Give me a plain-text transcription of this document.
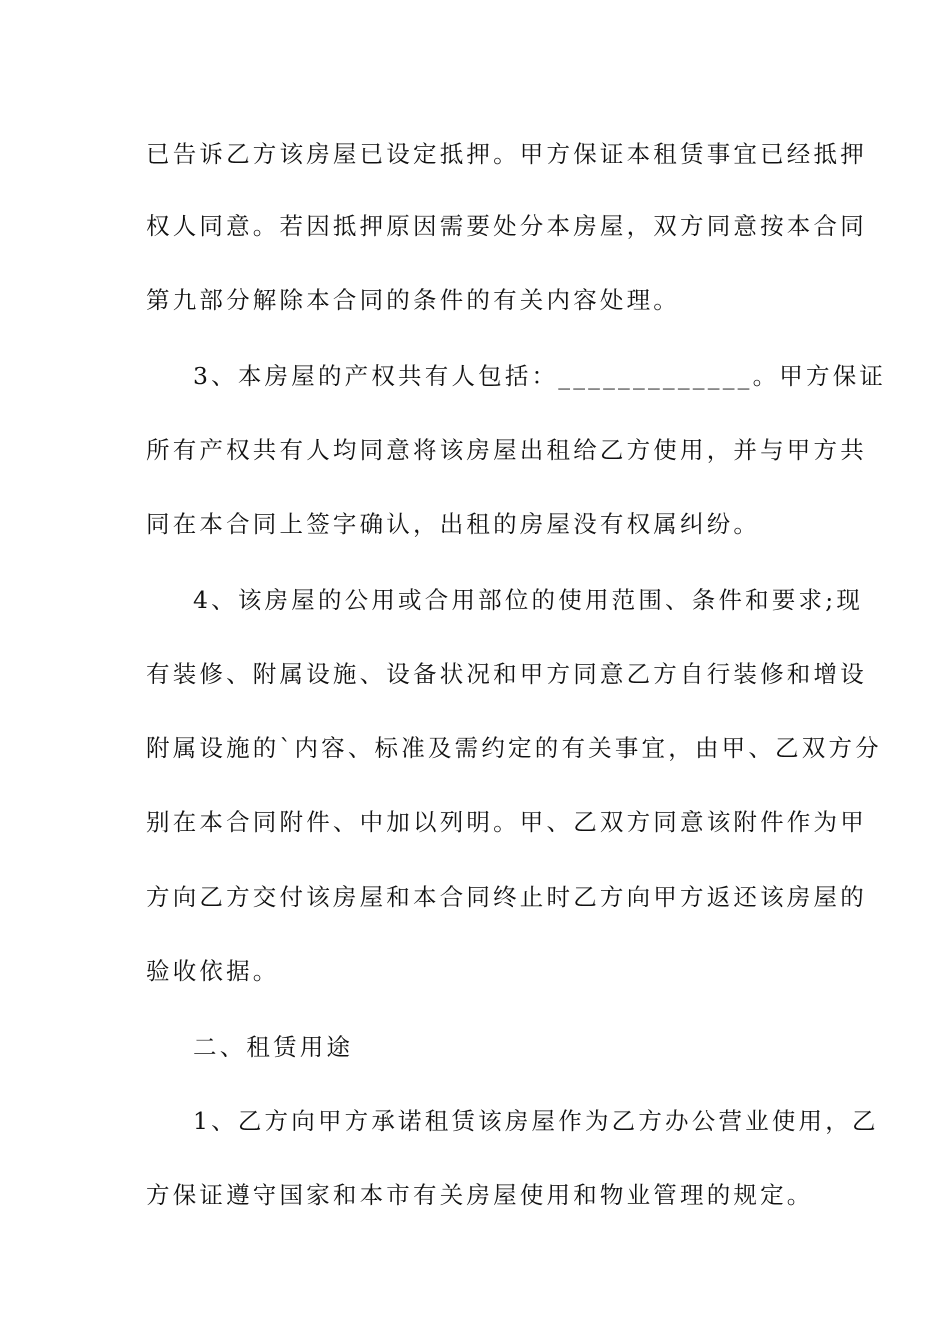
已告诉乙方该房屋已设定抵押。甲方保证本租赁事宜已经抵押
权人同意。若因抵押原因需要处分本房屋，双方同意按本合同
第九部分解除本合同的条件的有关内容处理。
3、本房屋的产权共有人包括：_____________。甲方保证
所有产权共有人均同意将该房屋出租给乙方使用，并与甲方共
同在本合同上签字确认，出租的房屋没有权属纠纷。
4、该房屋的公用或合用部位的使用范围、条件和要求;现
有装修、附属设施、设备状况和甲方同意乙方自行装修和增设
附属设施的`内容、标准及需约定的有关事宜，由甲、乙双方分
别在本合同附件、中加以列明。甲、乙双方同意该附件作为甲
方向乙方交付该房屋和本合同终止时乙方向甲方返还该房屋的
验收依据。
二、租赁用途
1、乙方向甲方承诺租赁该房屋作为乙方办公营业使用，乙
方保证遵守国家和本市有关房屋使用和物业管理的规定。
